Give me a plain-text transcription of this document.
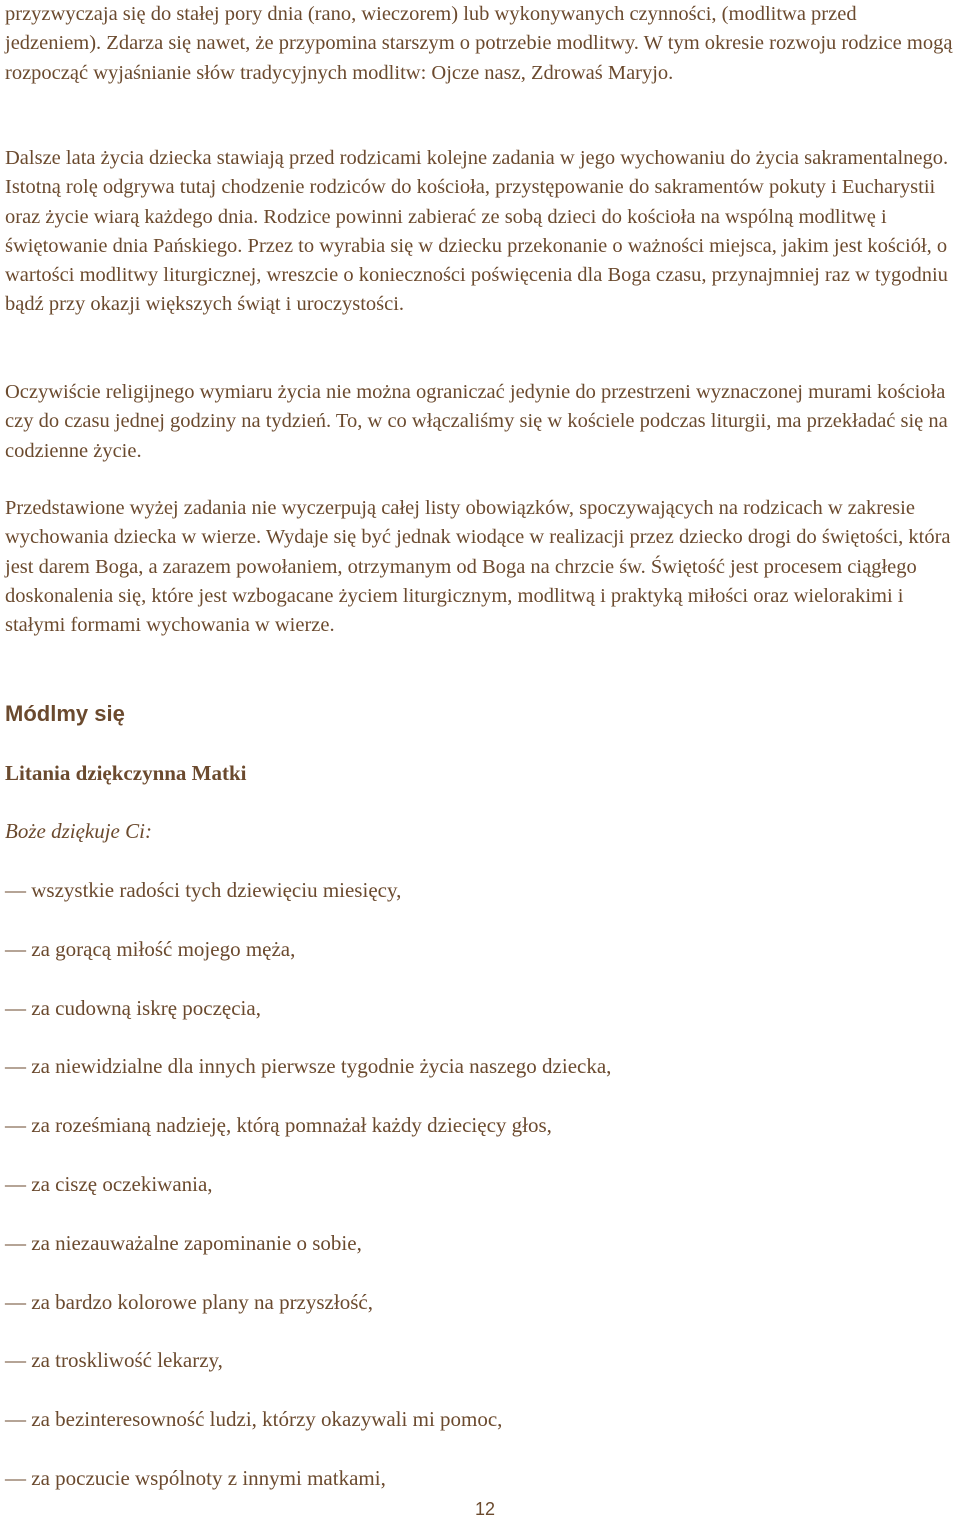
przyzwyczaja się do stałej pory dnia (rano, wieczorem) lub wykonywanych czynności, (modlitwa przed jedzeniem). Zdarza się nawet, że przypomina starszym o potrzebie modlitwy. W tym okresie rozwoju rodzice mogą rozpocząć wyjaśnianie słów tradycyjnych modlitw: Ojcze nasz, Zdrowaś Maryjo.

Dalsze lata życia dziecka stawiają przed rodzicami kolejne zadania w jego wychowaniu do życia sakramentalnego. Istotną rolę odgrywa tutaj chodzenie rodziców do kościoła, przystępowanie do sakramentów pokuty i Eucharystii oraz życie wiarą każdego dnia. Rodzice powinni zabierać ze sobą dzieci do kościoła na wspólną modlitwę i świętowanie dnia Pańskiego. Przez to wyrabia się w dziecku przekonanie o ważności miejsca, jakim jest kościół, o wartości modlitwy liturgicznej, wreszcie o konieczności poświęcenia dla Boga czasu, przynajmniej raz w tygodniu bądź przy okazji większych świąt i uroczystości.

Oczywiście religijnego wymiaru życia nie można ograniczać jedynie do przestrzeni wyznaczonej murami kościoła czy do czasu jednej godziny na tydzień. To, w co włączaliśmy się w kościele podczas liturgii, ma przekładać się na codzienne życie.

Przedstawione wyżej zadania nie wyczerpują całej listy obowiązków, spoczywających na rodzicach w zakresie wychowania dziecka w wierze. Wydaje się być jednak wiodące w realizacji przez dziecko drogi do świętości, która jest darem Boga, a zarazem powołaniem, otrzymanym od Boga na chrzcie św. Świętość jest procesem ciągłego doskonalenia się, które jest wzbogacane życiem liturgicznym, modlitwą i praktyką miłości oraz wielorakimi i stałymi formami wychowania w wierze.

Módlmy się
Litania dziękczynna Matki

Boże dziękuje Ci:

— wszystkie radości tych dziewięciu miesięcy,
— za gorącą miłość mojego męża,
— za cudowną iskrę poczęcia,
— za niewidzialne dla innych pierwsze tygodnie życia naszego dziecka,
— za roześmianą nadzieję, którą pomnażał każdy dziecięcy głos,
— za ciszę oczekiwania,
— za niezauważalne zapominanie o sobie,
— za bardzo kolorowe plany na przyszłość,
— za troskliwość lekarzy,
— za bezinteresowność ludzi, którzy okazywali mi pomoc,
— za poczucie wspólnoty z innymi matkami,
12
